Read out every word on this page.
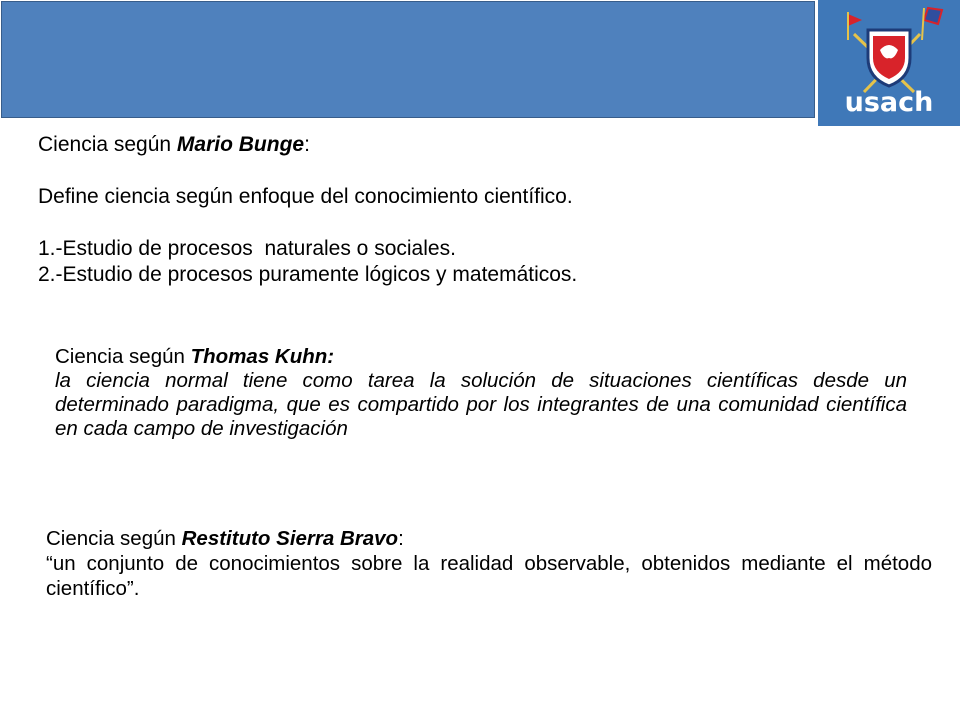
usach

Ciencia según Mario Bunge:

Define ciencia según enfoque del conocimiento científico.

1.-Estudio de procesos  naturales o sociales.

2.-Estudio de procesos puramente lógicos y matemáticos.

Ciencia según Thomas Kuhn:

la ciencia normal tiene como tarea la solución de situaciones científicas desde un determinado paradigma, que es compartido por los integrantes de una comunidad científica en cada campo de investigación

Ciencia según Restituto Sierra Bravo:

“un conjunto de conocimientos sobre la realidad observable, obtenidos mediante el método científico”.
